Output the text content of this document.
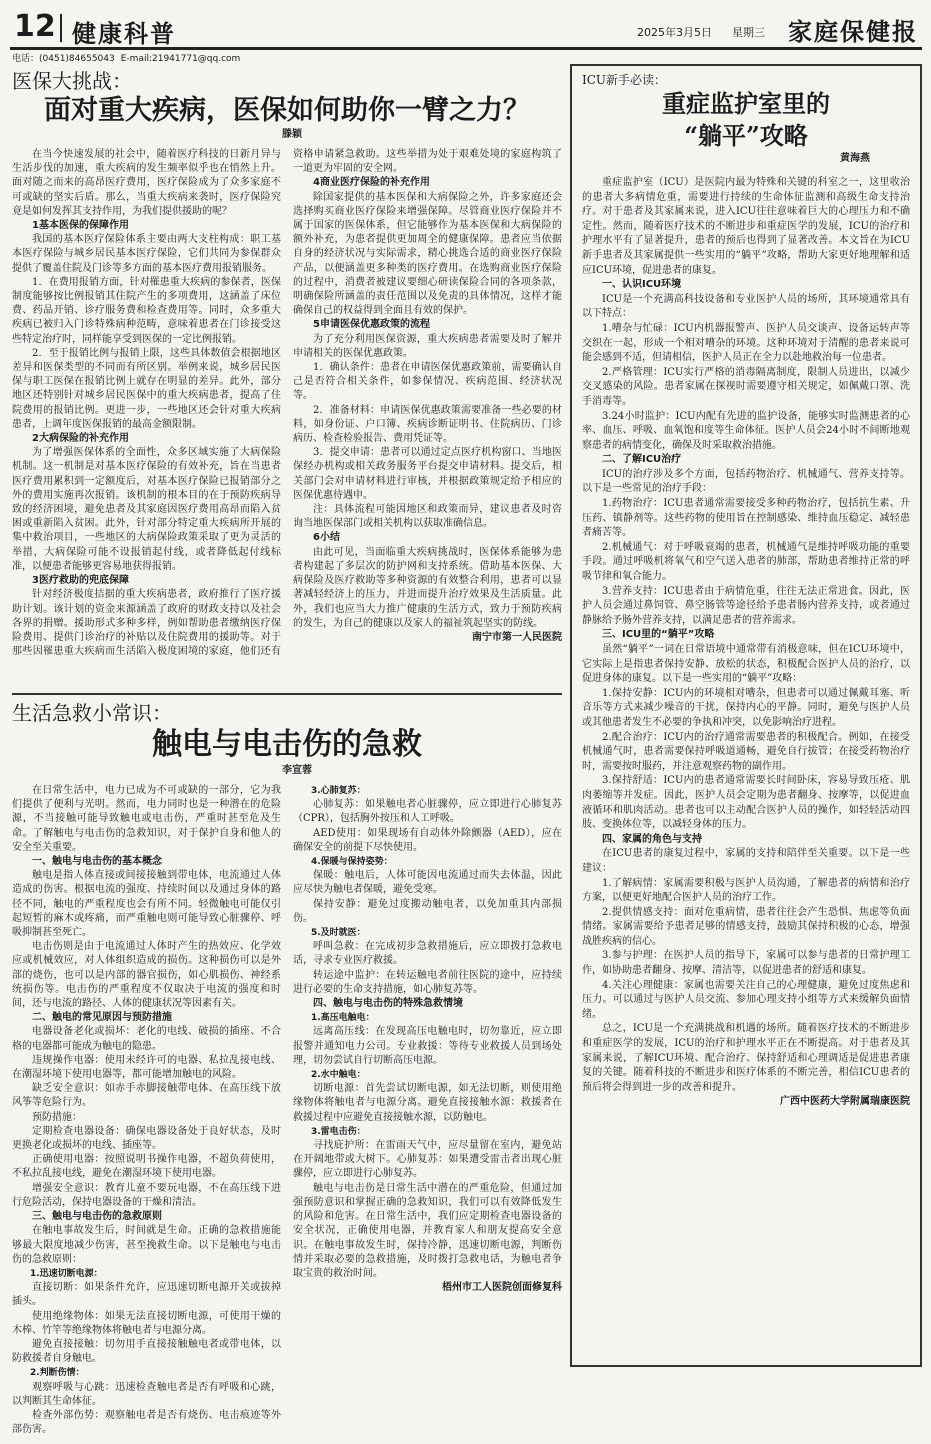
12 健康科普	2025年3月5日 星期三 家庭保健报
电话：(0451)84655043 E-mail:21941771@qq.com
医保大挑战：
面对重大疾病，医保如何助你一臂之力？
滕颖

在当今快速发展的社会中，随着医疗科技的日新月异与生活步伐的加速，重大疾病的发生频率似乎也在悄然上升。面对随之而来的高昂医疗费用，医疗保险成为了众多家庭不可或缺的坚实后盾。那么，当重大疾病来袭时，医疗保险究竟是如何发挥其支持作用，为我们提供援助的呢？

1基本医保的保障作用

我国的基本医疗保险体系主要由两大支柱构成：职工基本医疗保险与城乡居民基本医疗保险，它们共同为参保群众提供了覆盖住院及门诊等多方面的基本医疗费用报销服务。

1．在费用报销方面，针对罹患重大疾病的参保者，医保制度能够按比例报销其住院产生的多项费用，这涵盖了床位费、药品开销、诊疗服务费和检查费用等。同时，众多重大疾病已被归入门诊特殊病种范畴，意味着患者在门诊接受这些特定治疗时，同样能享受到医保的一定比例报销。

2．至于报销比例与报销上限，这些具体数值会根据地区差异和医保类型的不同而有所区别。举例来说，城乡居民医保与职工医保在报销比例上就存在明显的差异。此外，部分地区还特别针对城乡居民医保中的重大疾病患者，提高了住院费用的报销比例。更进一步，一些地区还会针对重大疾病患者，上调年度医保报销的最高金额限制。

2大病保险的补充作用

为了增强医保体系的全面性，众多区域实施了大病保险机制。这一机制是对基本医疗保险的有效补充，旨在当患者医疗费用累积到一定额度后，对基本医疗保险已报销部分之外的费用实施再次报销。该机制的根本目的在于预防疾病导致的经济困境，避免患者及其家庭因医疗费用高昂而陷入贫困或重新陷入贫困。此外，针对部分特定重大疾病所开展的集中救治项目，一些地区的大病保险政策采取了更为灵活的举措，大病保险可能不设报销起付线，或者降低起付线标准，以便患者能够更容易地获得报销。

3医疗救助的兜底保障

针对经济极度拮据的重大疾病患者，政府推行了医疗援助计划。该计划的资金来源涵盖了政府的财政支持以及社会各界的捐赠。援助形式多种多样，例如帮助患者缴纳医疗保险费用、提供门诊治疗的补贴以及住院费用的援助等。对于那些因罹患重大疾病而生活陷入极度困境的家庭，他们还有资格申请紧急救助。这些举措为处于艰难处境的家庭构筑了一道更为牢固的安全网。

4商业医疗保险的补充作用

除国家提供的基本医保和大病保险之外，许多家庭还会选择购买商业医疗保险来增强保障。尽管商业医疗保险并不属于国家的医保体系，但它能够作为基本医保和大病保险的额外补充，为患者提供更加周全的健康保障。患者应当依据自身的经济状况与实际需求，精心挑选合适的商业医疗保险产品，以便涵盖更多种类的医疗费用。在选购商业医疗保险的过程中，消费者被建议要细心研读保险合同的各项条款，明确保险所涵盖的责任范围以及免责的具体情况，这样才能确保自己的权益得到全面且有效的保护。

5申请医保优惠政策的流程

为了充分利用医保资源，重大疾病患者需要及时了解并申请相关的医保优惠政策。

1．确认条件：患者在申请医保优惠政策前，需要确认自己是否符合相关条件，如参保情况、疾病范围、经济状况等。

2．准备材料：申请医保优惠政策需要准备一些必要的材料，如身份证、户口簿、疾病诊断证明书、住院病历、门诊病历、检查检验报告、费用凭证等。

3．提交申请：患者可以通过定点医疗机构窗口、当地医保经办机构或相关政务服务平台提交申请材料。提交后，相关部门会对申请材料进行审核，并根据政策规定给予相应的医保优惠待遇申。

注：具体流程可能因地区和政策而异，建议患者及时咨询当地医保部门或相关机构以获取准确信息。

6小结

由此可见，当面临重大疾病挑战时，医保体系能够为患者构建起了多层次的防护网和支持系统。借助基本医保、大病保险及医疗救助等多种资源的有效整合利用，患者可以显著减轻经济上的压力，并进而提升治疗效果及生活质量。此外，我们也应当大力推广健康的生活方式，致力于预防疾病的发生，为自己的健康以及家人的福祉筑起坚实的防线。

南宁市第一人民医院

生活急救小常识：
触电与电击伤的急救
李宣蓉

在日常生活中，电力已成为不可或缺的一部分，它为我们提供了便利与光明。然而，电力同时也是一种潜在的危险源，不当接触可能导致触电或电击伤，严重时甚至危及生命。了解触电与电击伤的急救知识，对于保护自身和他人的安全至关重要。

一、触电与电击伤的基本概念

触电是指人体直接或间接接触到带电体，电流通过人体造成的伤害。根据电流的强度、持续时间以及通过身体的路径不同，触电的严重程度也会有所不同。轻微触电可能仅引起短暂的麻木或疼痛，而严重触电则可能导致心脏骤停、呼吸抑制甚至死亡。

电击伤则是由于电流通过人体时产生的热效应、化学效应或机械效应，对人体组织造成的损伤。这种损伤可以是外部的烧伤，也可以是内部的器官损伤，如心肌损伤、神经系统损伤等。电击伤的严重程度不仅取决于电流的强度和时间，还与电流的路径、人体的健康状况等因素有关。

二、触电的常见原因与预防措施

电器设备老化或损坏：老化的电线、破损的插座、不合格的电器都可能成为触电的隐患。

违规操作电器：使用未经许可的电器、私拉乱接电线、在潮湿环境下使用电器等，都可能增加触电的风险。

缺乏安全意识：如赤手赤脚接触带电体、在高压线下放风筝等危险行为。

预防措施：

定期检查电器设备：确保电器设备处于良好状态，及时更换老化或损坏的电线、插座等。

正确使用电器：按照说明书操作电器，不超负荷使用，不私拉乱接电线，避免在潮湿环境下使用电器。

增强安全意识：教育儿童不要玩电器，不在高压线下进行危险活动，保持电器设备的干燥和清洁。

三、触电与电击伤的急救原则

在触电事故发生后，时间就是生命。正确的急救措施能够最大限度地减少伤害，甚至挽救生命。以下是触电与电击伤的急救原则：

1.迅速切断电源：

直接切断：如果条件允许，应迅速切断电源开关或拔掉插头。

使用绝缘物体：如果无法直接切断电源，可使用干燥的木棒、竹竿等绝缘物体将触电者与电源分离。

避免直接接触：切勿用手直接接触触电者或带电体，以防救援者自身触电。

2.判断伤情：

观察呼吸与心跳：迅速检查触电者是否有呼吸和心跳，以判断其生命体征。

检查外部伤势：观察触电者是否有烧伤、电击痕迹等外部伤害。

3.心肺复苏：

心肺复苏：如果触电者心脏骤停，应立即进行心肺复苏（CPR），包括胸外按压和人工呼吸。

AED使用：如果现场有自动体外除颤器（AED），应在确保安全的前提下尽快使用。

4.保暖与保持姿势：

保暖：触电后，人体可能因电流通过而失去体温，因此应尽快为触电者保暖，避免受寒。

保持安静：避免过度搬动触电者，以免加重其内部损伤。

5.及时就医：

呼叫急救：在完成初步急救措施后，应立即拨打急救电话，寻求专业医疗救援。

转运途中监护：在转运触电者前往医院的途中，应持续进行必要的生命支持措施，如心肺复苏等。

四、触电与电击伤的特殊急救情境

1.高压电触电：

远离高压线：在发现高压电触电时，切勿靠近，应立即报警并通知电力公司。专业救援：等待专业救援人员到场处理，切勿尝试自行切断高压电源。

2.水中触电：

切断电源：首先尝试切断电源，如无法切断，则使用绝缘物体将触电者与电源分离。避免直接接触水源：救援者在救援过程中应避免直接接触水源，以防触电。

3.雷电击伤：

寻找庇护所：在雷雨天气中，应尽量留在室内，避免站在开阔地带或大树下。心肺复苏：如果遭受雷击者出现心脏骤停，应立即进行心肺复苏。

触电与电击伤是日常生活中潜在的严重危险，但通过加强预防意识和掌握正确的急救知识，我们可以有效降低发生的风险和危害。在日常生活中，我们应定期检查电器设备的安全状况，正确使用电器，并教育家人和朋友提高安全意识。在触电事故发生时，保持冷静，迅速切断电源，判断伤情并采取必要的急救措施，及时拨打急救电话，为触电者争取宝贵的救治时间。

梧州市工人医院创面修复科

ICU新手必读：
重症监护室里的
“躺平”攻略
黄海燕

重症监护室（ICU）是医院内最为特殊和关键的科室之一，这里收治的患者大多病情危重，需要进行持续的生命体征监测和高级生命支持治疗。对于患者及其家属来说，进入ICU往往意味着巨大的心理压力和不确定性。然而，随着医疗技术的不断进步和重症医学的发展，ICU的治疗和护理水平有了显著提升，患者的预后也得到了显著改善。本文旨在为ICU新手患者及其家属提供一些实用的“躺平”攻略，帮助大家更好地理解和适应ICU环境，促进患者的康复。

一、认识ICU环境

ICU是一个充满高科技设备和专业医护人员的场所，其环境通常具有以下特点：

1.嘈杂与忙碌：ICU内机器报警声、医护人员交谈声、设备运转声等交织在一起，形成一个相对嘈杂的环境。这种环境对于清醒的患者来说可能会感到不适，但请相信，医护人员正在全力以赴地救治每一位患者。

2.严格管理：ICU实行严格的消毒隔离制度，限制人员进出，以减少交叉感染的风险。患者家属在探视时需要遵守相关规定，如佩戴口罩、洗手消毒等。

3.24小时监护：ICU内配有先进的监护设备，能够实时监测患者的心率、血压、呼吸、血氧饱和度等生命体征。医护人员会24小时不间断地观察患者的病情变化，确保及时采取救治措施。

二、了解ICU治疗

ICU的治疗涉及多个方面，包括药物治疗、机械通气、营养支持等。以下是一些常见的治疗手段：

1.药物治疗：ICU患者通常需要接受多种药物治疗，包括抗生素、升压药、镇静剂等。这些药物的使用旨在控制感染、维持血压稳定、减轻患者痛苦等。

2.机械通气：对于呼吸衰竭的患者，机械通气是维持呼吸功能的重要手段。通过呼吸机将氧气和空气送入患者的肺部，帮助患者维持正常的呼吸节律和氧合能力。

3.营养支持：ICU患者由于病情危重，往往无法正常进食。因此，医护人员会通过鼻饲管、鼻空肠管等途径给予患者肠内营养支持，或者通过静脉给予肠外营养支持，以满足患者的营养需求。

三、ICU里的“躺平”攻略

虽然“躺平”一词在日常语境中通常带有消极意味，但在ICU环境中，它实际上是指患者保持安静、放松的状态，积极配合医护人员的治疗，以促进身体的康复。以下是一些实用的“躺平”攻略：

1.保持安静：ICU内的环境相对嘈杂，但患者可以通过佩戴耳塞、听音乐等方式来减少噪音的干扰，保持内心的平静。同时，避免与医护人员或其他患者发生不必要的争执和冲突，以免影响治疗进程。

2.配合治疗：ICU内的治疗通常需要患者的积极配合。例如，在接受机械通气时，患者需要保持呼吸道通畅，避免自行拔管；在接受药物治疗时，需要按时服药，并注意观察药物的副作用。

3.保持舒适：ICU内的患者通常需要长时间卧床，容易导致压疮、肌肉萎缩等并发症。因此，医护人员会定期为患者翻身、按摩等，以促进血液循环和肌肉活动。患者也可以主动配合医护人员的操作，如轻轻活动四肢、变换体位等，以减轻身体的压力。

四、家属的角色与支持

在ICU患者的康复过程中，家属的支持和陪伴至关重要。以下是一些建议：

1.了解病情：家属需要积极与医护人员沟通，了解患者的病情和治疗方案，以便更好地配合医护人员的治疗工作。

2.提供情感支持：面对危重病情，患者往往会产生恐惧、焦虑等负面情绪。家属需要给予患者足够的情感支持，鼓励其保持积极的心态，增强战胜疾病的信心。

3.参与护理：在医护人员的指导下，家属可以参与患者的日常护理工作，如协助患者翻身、按摩、清洁等，以促进患者的舒适和康复。

4.关注心理健康：家属也需要关注自己的心理健康，避免过度焦虑和压力。可以通过与医护人员交流、参加心理支持小组等方式来缓解负面情绪。

总之，ICU是一个充满挑战和机遇的场所。随着医疗技术的不断进步和重症医学的发展，ICU的治疗和护理水平正在不断提高。对于患者及其家属来说，了解ICU环境、配合治疗、保持舒适和心理调适是促进患者康复的关键。随着科技的不断进步和医疗体系的不断完善，相信ICU患者的预后将会得到进一步的改善和提升。

广西中医药大学附属瑞康医院
